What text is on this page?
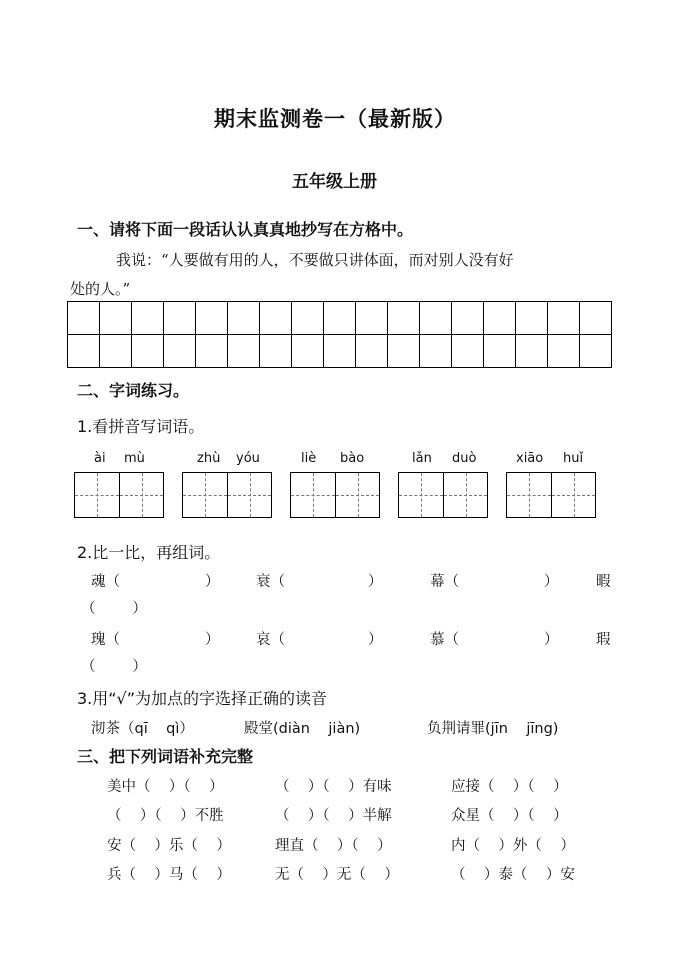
期末监测卷一（最新版）
五年级上册
一、请将下面一段话认认真真地抄写在方格中。
我说：“人要做有用的人，不要做只讲体面，而对别人没有好
处的人。”

二、字词练习。
1.看拼音写词语。
ài mù	zhù yóu	liè bào	lǎn duò	xiāo huǐ
2.比一比，再组词。
魂（	）	衰（	）	幕（	）	暇
（        ）
瑰（	）	哀（	）	慕（	）	瑕
（        ）
3.用“√”为加点的字选择正确的读音
沏茶（qī    qì）	殿堂(diàn    jiàn)	负荆请罪(jīn    jīng)
三、把下列词语补充完整
美中（    ）（    ）	（    ）（    ）有味	应接（    ）（    ）
（    ）（    ）不胜	（    ）（    ）半解	众星（    ）（    ）
安（    ）乐（    ）	理直（    ）（    ）	内（    ）外（    ）
兵（    ）马（    ）	无（    ）无（    ）	（    ）泰（    ）安
